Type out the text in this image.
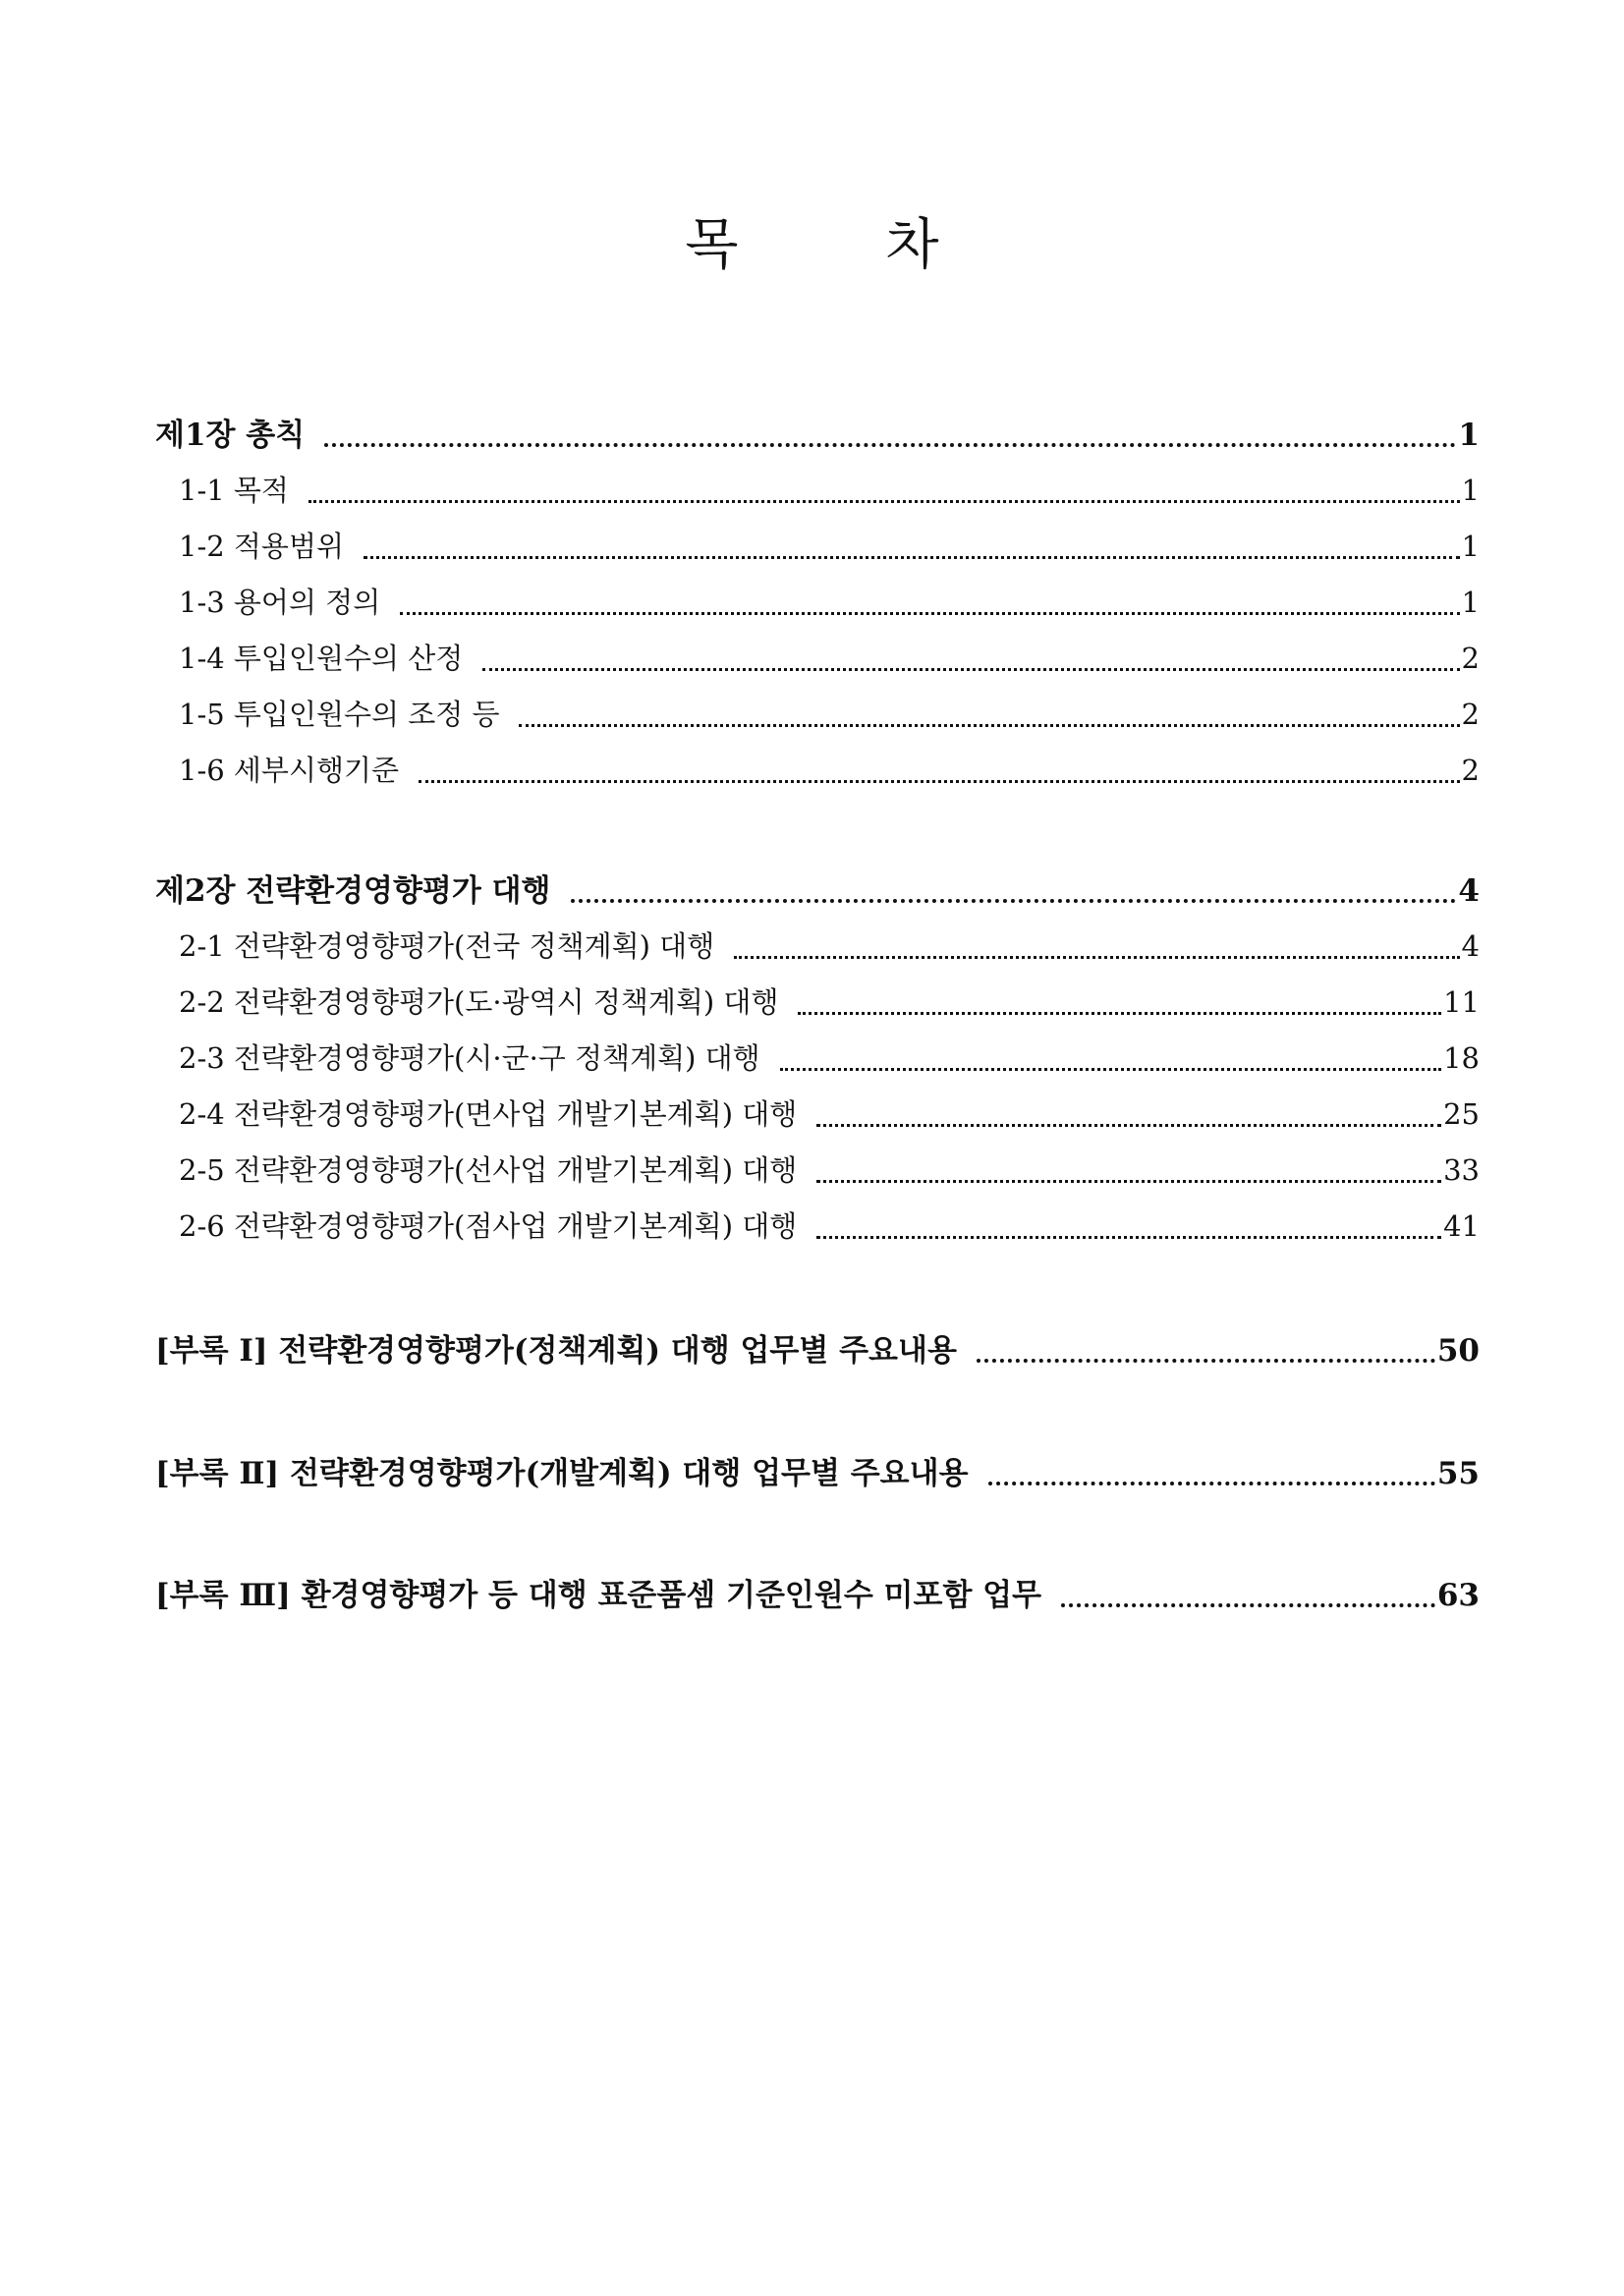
목	차
제1장 총칙	1
1-1 목적	1
1-2 적용범위	1
1-3 용어의 정의	1
1-4 투입인원수의 산정	2
1-5 투입인원수의 조정 등	2
1-6 세부시행기준	2
제2장 전략환경영향평가 대행	4
2-1 전략환경영향평가(전국 정책계획) 대행	4
2-2 전략환경영향평가(도·광역시 정책계획) 대행	11
2-3 전략환경영향평가(시·군·구 정책계획) 대행	18
2-4 전략환경영향평가(면사업 개발기본계획) 대행	25
2-5 전략환경영향평가(선사업 개발기본계획) 대행	33
2-6 전략환경영향평가(점사업 개발기본계획) 대행	41
[부록 Ⅰ] 전략환경영향평가(정책계획) 대행 업무별 주요내용	50
[부록 Ⅱ] 전략환경영향평가(개발계획) 대행 업무별 주요내용	55
[부록 Ⅲ] 환경영향평가 등 대행 표준품셈 기준인원수 미포함 업무	63
